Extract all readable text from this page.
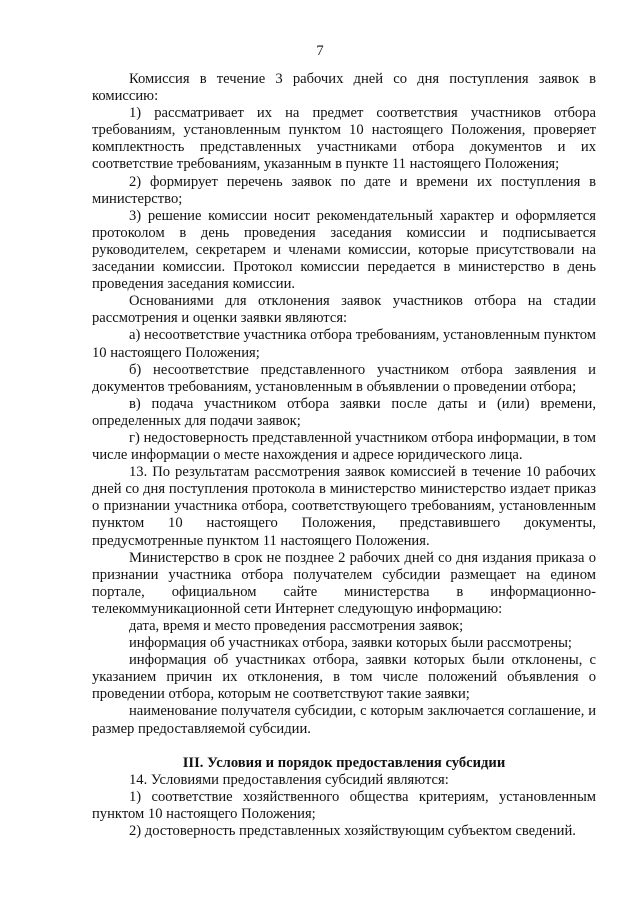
7

Комиссия в течение 3 рабочих дней со дня поступления заявок в комиссию:

1) рассматривает их на предмет соответствия участников отбора требованиям, установленным пунктом 10 настоящего Положения, проверяет комплектность представленных участниками отбора документов и их соответствие требованиям, указанным в пункте 11 настоящего Положения;

2) формирует перечень заявок по дате и времени их поступления в министерство;

3) решение комиссии носит рекомендательный характер и оформляется протоколом в день проведения заседания комиссии и подписывается руководителем, секретарем и членами комиссии, которые присутствовали на заседании комиссии. Протокол комиссии передается в министерство в день проведения заседания комиссии.

Основаниями для отклонения заявок участников отбора на стадии рассмотрения и оценки заявки являются:

а) несоответствие участника отбора требованиям, установленным пунктом 10 настоящего Положения;

б) несоответствие представленного участником отбора заявления и документов требованиям, установленным в объявлении о проведении отбора;

в) подача участником отбора заявки после даты и (или) времени, определенных для подачи заявок;

г) недостоверность представленной участником отбора информации, в том числе информации о месте нахождения и адресе юридического лица.

13. По результатам рассмотрения заявок комиссией в течение 10 рабочих дней со дня поступления протокола в министерство министерство издает приказ о признании участника отбора, соответствующего требованиям, установленным пунктом 10 настоящего Положения, представившего документы, предусмотренные пунктом 11 настоящего Положения.

Министерство в срок не позднее 2 рабочих дней со дня издания приказа о признании участника отбора получателем субсидии размещает на едином портале, официальном сайте министерства в информационно-телекоммуникационной сети Интернет следующую информацию:

дата, время и место проведения рассмотрения заявок;

информация об участниках отбора, заявки которых были рассмотрены;

информация об участниках отбора, заявки которых были отклонены, с указанием причин их отклонения, в том числе положений объявления о проведении отбора, которым не соответствуют такие заявки;

наименование получателя субсидии, с которым заключается соглашение, и размер предоставляемой субсидии.

III. Условия и порядок предоставления субсидии

14. Условиями предоставления субсидий являются:

1) соответствие хозяйственного общества критериям, установленным пунктом 10 настоящего Положения;

2) достоверность представленных хозяйствующим субъектом сведений.
